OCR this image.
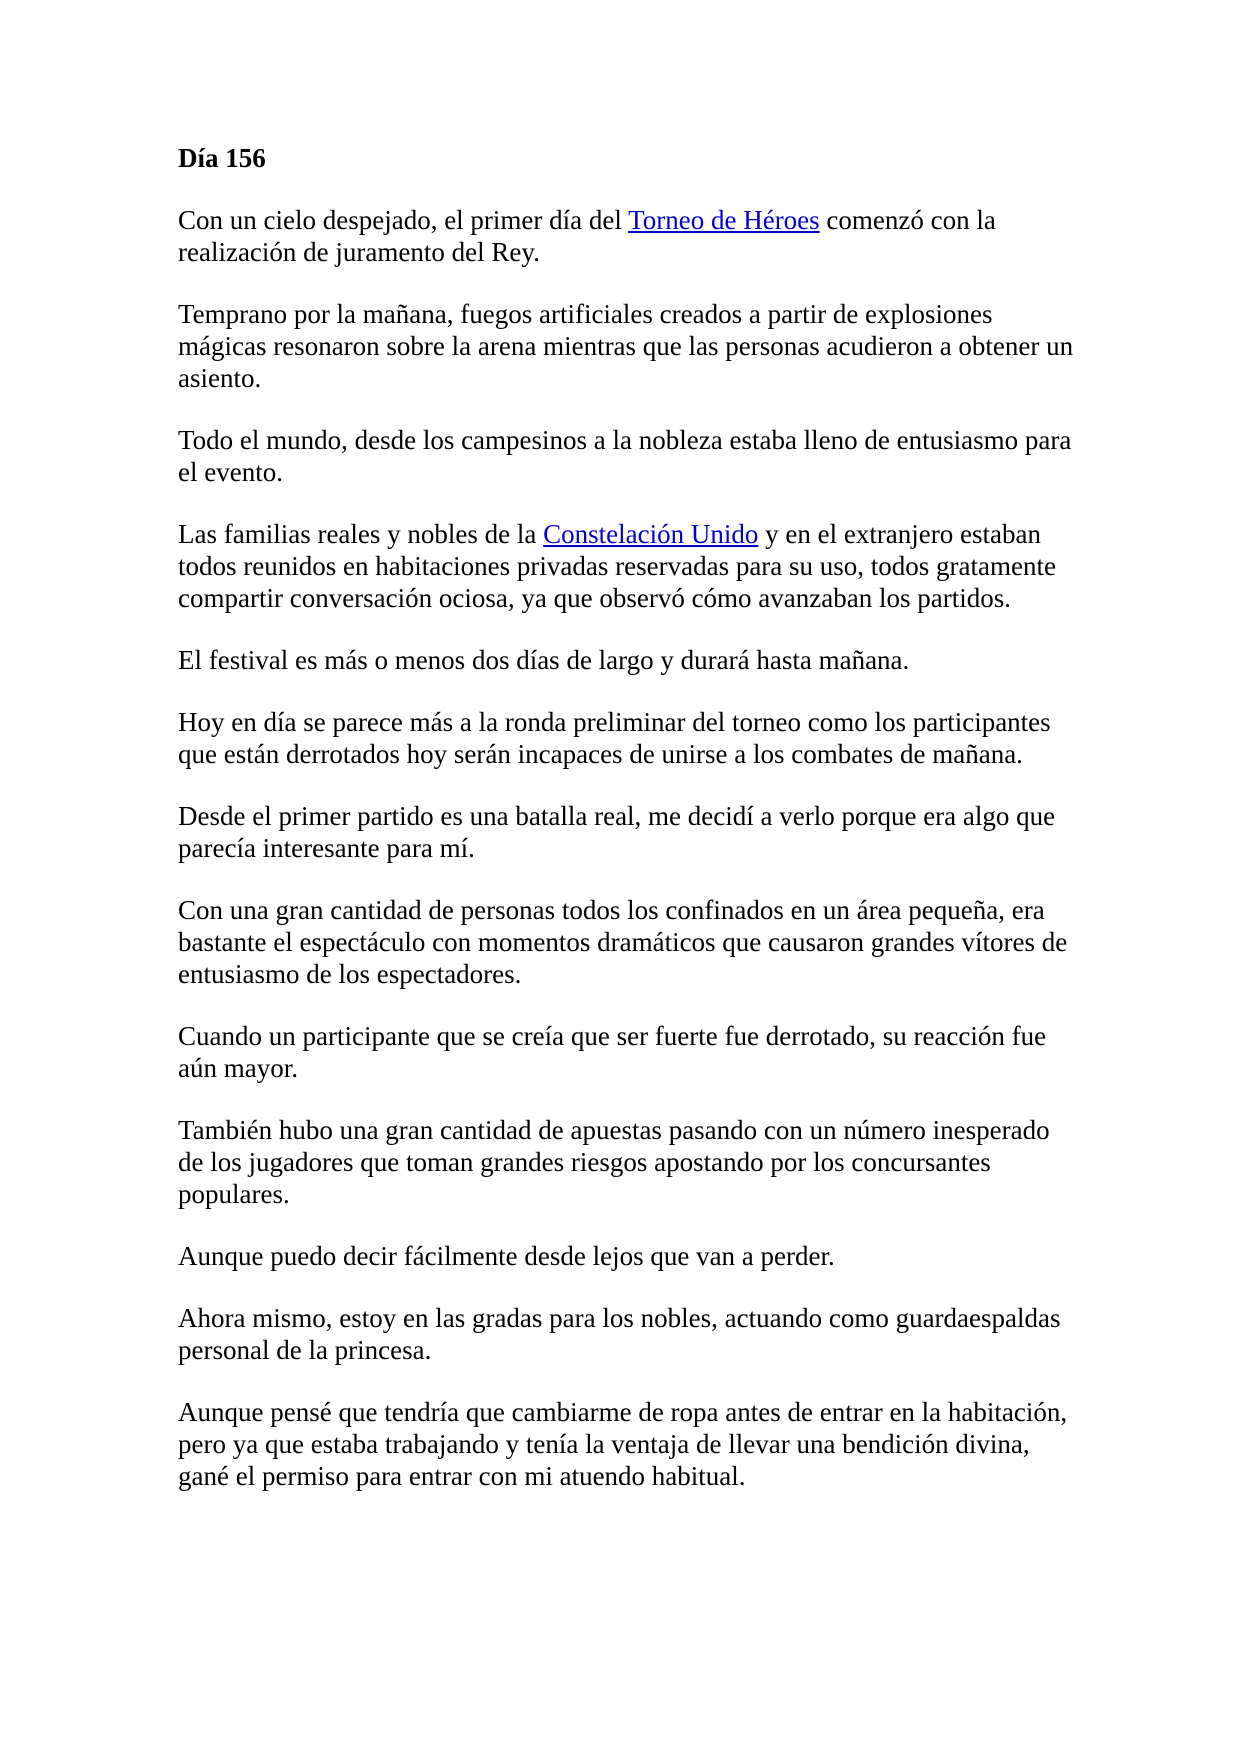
Día 156

Con un cielo despejado, el primer día del Torneo de Héroes comenzó con la realización de juramento del Rey.

Temprano por la mañana, fuegos artificiales creados a partir de explosiones mágicas resonaron sobre la arena mientras que las personas acudieron a obtener un asiento.

Todo el mundo, desde los campesinos a la nobleza estaba lleno de entusiasmo para el evento.

Las familias reales y nobles de la Constelación Unido y en el extranjero estaban todos reunidos en habitaciones privadas reservadas para su uso, todos gratamente compartir conversación ociosa, ya que observó cómo avanzaban los partidos.

El festival es más o menos dos días de largo y durará hasta mañana.

Hoy en día se parece más a la ronda preliminar del torneo como los participantes que están derrotados hoy serán incapaces de unirse a los combates de mañana.

Desde el primer partido es una batalla real, me decidí a verlo porque era algo que parecía interesante para mí.

Con una gran cantidad de personas todos los confinados en un área pequeña, era bastante el espectáculo con momentos dramáticos que causaron grandes vítores de entusiasmo de los espectadores.

Cuando un participante que se creía que ser fuerte fue derrotado, su reacción fue aún mayor.

También hubo una gran cantidad de apuestas pasando con un número inesperado de los jugadores que toman grandes riesgos apostando por los concursantes populares.

Aunque puedo decir fácilmente desde lejos que van a perder.

Ahora mismo, estoy en las gradas para los nobles, actuando como guardaespaldas personal de la princesa.

Aunque pensé que tendría que cambiarme de ropa antes de entrar en la habitación, pero ya que estaba trabajando y tenía la ventaja de llevar una bendición divina, gané el permiso para entrar con mi atuendo habitual.
